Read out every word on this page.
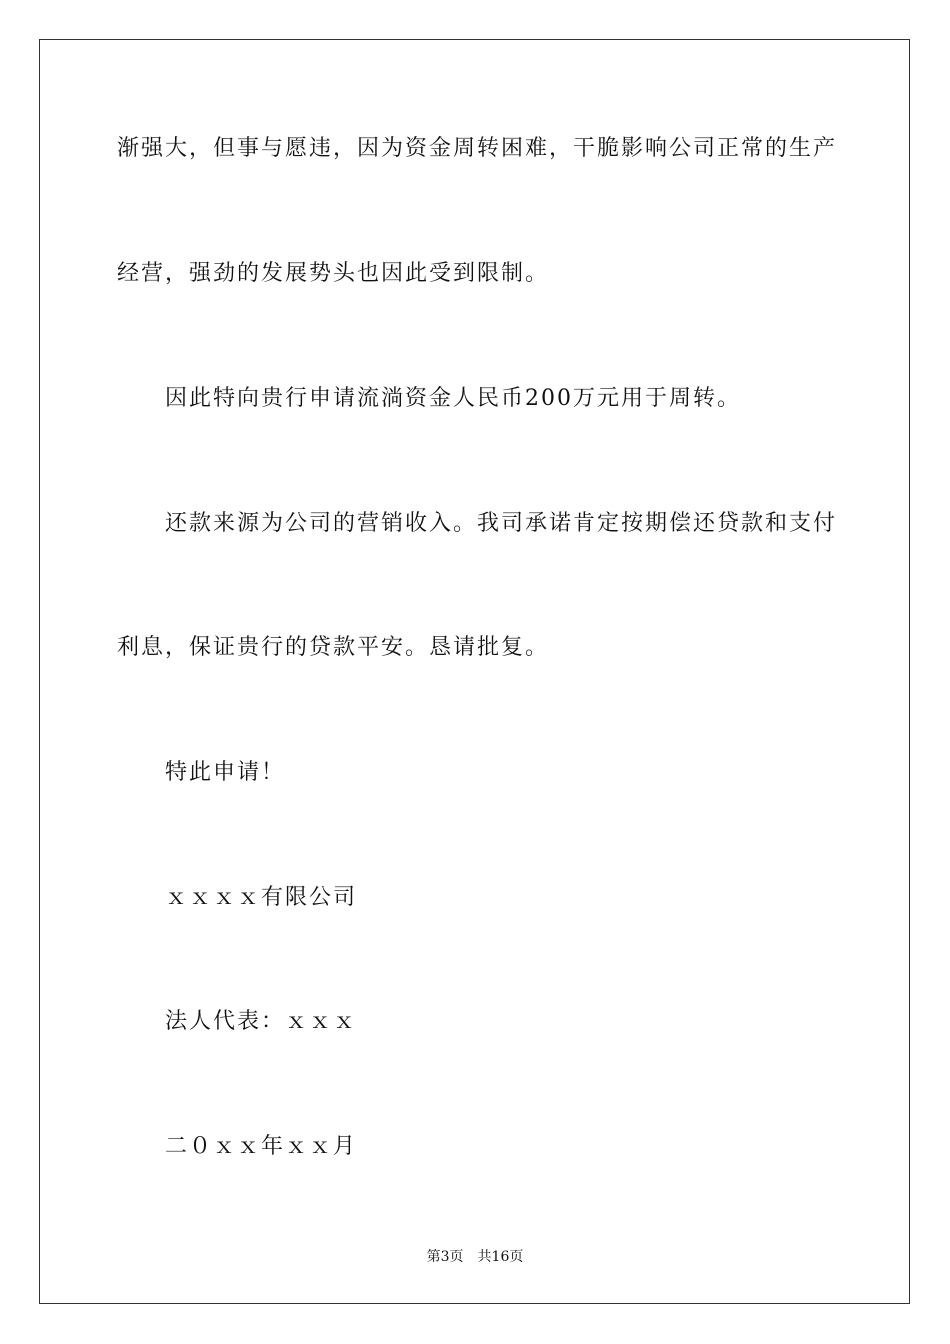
渐强大，但事与愿违，因为资金周转困难，干脆影响公司正常的生产
经营，强劲的发展势头也因此受到限制。
因此特向贵行申请流淌资金人民币200万元用于周转。
还款来源为公司的营销收入。我司承诺肯定按期偿还贷款和支付
利息，保证贵行的贷款平安。恳请批复。
特此申请！
ｘｘｘｘ有限公司
法人代表：ｘｘｘ
二０ｘｘ年ｘｘ月
第3页 共16页
